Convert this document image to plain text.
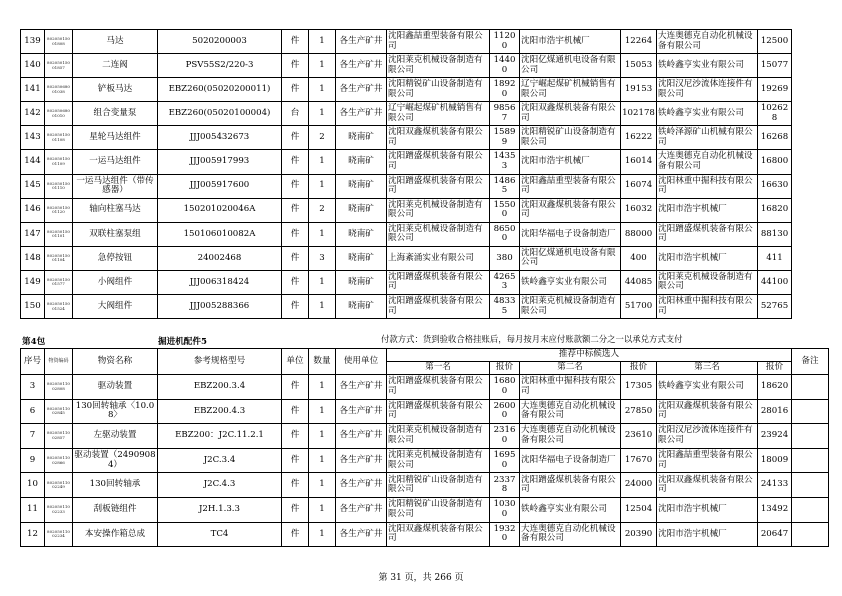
139	802050150 01808	马达	5020200003	件	1	各生产矿井	沈阳鑫喆重型装备有限公司	11200	沈阳市浩宇机械厂	12264	大连奥德克自动化机械设备有限公司	12500
140	802050150 01857	二连阀	PSV55S2/220-3	件	1	各生产矿井	沈阳莱克机械设备制造有限公司	14400	沈阳亿煤通机电设备有限公司	15053	铁岭鑫亨实业有限公司	15077
141	802050680 01038	铲板马达	EBZ260(05020200011)	件	1	各生产矿井	沈阳精锐矿山设备制造有限公司	18920	辽宁崛起煤矿机械销售有限公司	19153	沈阳汉尼沙流体连接件有限公司	19269
142	802050680 01010	组合变量泵	EBZ260(05020100004)	台	1	各生产矿井	辽宁崛起煤矿机械销售有限公司	98567	沈阳双鑫煤机装备有限公司	102178	铁岭鑫亨实业有限公司	102628
143	802050150 01108	星轮马达组件	JJJ005432673	件	2	晓南矿	沈阳双鑫煤机装备有限公司	15899	沈阳精锐矿山设备制造有限公司	16222	铁岭泽源矿山机械有限公司	16268
144	802050150 01109	一运马达组件	JJJ005917993	件	1	晓南矿	沈阳蹭盛煤机装备有限公司	14353	沈阳市浩宇机械厂	16014	大连奥德克自动化机械设备有限公司	16800
145	802050150 01110	一运马达组件（带传感器）	JJJ005917600	件	1	晓南矿	沈阳蹭盛煤机装备有限公司	14865	沈阳鑫喆重型装备有限公司	16074	沈阳林重中掘科技有限公司	16630
146	802050150 01120	轴向柱塞马达	150201020046A	件	2	晓南矿	沈阳莱克机械设备制造有限公司	15500	沈阳双鑫煤机装备有限公司	16032	沈阳市浩宇机械厂	16820
147	802050150 01101	双联柱塞泵组	150106010082A	件	1	晓南矿	沈阳莱克机械设备制造有限公司	86500	沈阳华福电子设备制造厂	88000	沈阳蹭盛煤机装备有限公司	88130
148	802050150 01104	急停按钮	24002468	件	3	晓南矿	上海紊涌实业有限公司	380	沈阳亿煤通机电设备有限公司	400	沈阳市浩宇机械厂	411
149	802050150 01577	小阀组件	JJJ006318424	件	1	晓南矿	沈阳蹭盛煤机装备有限公司	42653	铁岭鑫亨实业有限公司	44085	沈阳莱克机械设备制造有限公司	44100
150	802050150 01524	大阀组件	JJJ005288366	件	1	晓南矿	沈阳蹭盛煤机装备有限公司	48335	沈阳莱克机械设备制造有限公司	51700	沈阳林重中掘科技有限公司	52765
第4包	掘进机配件5	付款方式：货到验收合格挂账后，每月按月末应付账款额二分之一以承兑方式支付
序号	物资编码	物资名称	参考规格型号	单位	数量	使用单位	推荐中标候选人						备注
							第一名	报价	第二名	报价	第三名	报价	
3	802050110 02808	驱动装置	EBZ200.3.4	件	1	各生产矿井	沈阳蹭盛煤机装备有限公司	16800	沈阳林重中掘科技有限公司	17305	铁岭鑫亨实业有限公司	18620	
6	802050110 02845	130回转轴承〈10.08〉	EBZ200.4.3	件	1	各生产矿井	沈阳蹭盛煤机装备有限公司	26000	大连奥德克自动化机械设备有限公司	27850	沈阳双鑫煤机装备有限公司	28016	
7	802050110 02857	左驱动装置	EBZ200：J2C.11.2.1	件	1	各生产矿井	沈阳莱克机械设备制造有限公司	23160	大连奥德克自动化机械设备有限公司	23610	沈阳汉尼沙流体连接件有限公司	23924	
9	802050110 02866	驱动装置（24909084）	J2C.3.4	件	1	各生产矿井	沈阳莱克机械设备制造有限公司	16950	沈阳华福电子设备制造厂	17670	沈阳鑫喆重型装备有限公司	18009	
10	802050110 02249	130回转轴承	J2C.4.3	件	1	各生产矿井	沈阳精锐矿山设备制造有限公司	23378	沈阳蹭盛煤机装备有限公司	24000	沈阳双鑫煤机装备有限公司	24133	
11	802050110 02233	刮板链组件	J2H.1.3.3	件	1	各生产矿井	沈阳精锐矿山设备制造有限公司	10300	铁岭鑫亨实业有限公司	12504	沈阳市浩宇机械厂	13492	
12	802050110 02234	本安操作箱总成	TC4	件	1	各生产矿井	沈阳双鑫煤机装备有限公司	19320	大连奥德克自动化机械设备有限公司	20390	沈阳市浩宇机械厂	20647	
第 31 页，共 266 页
